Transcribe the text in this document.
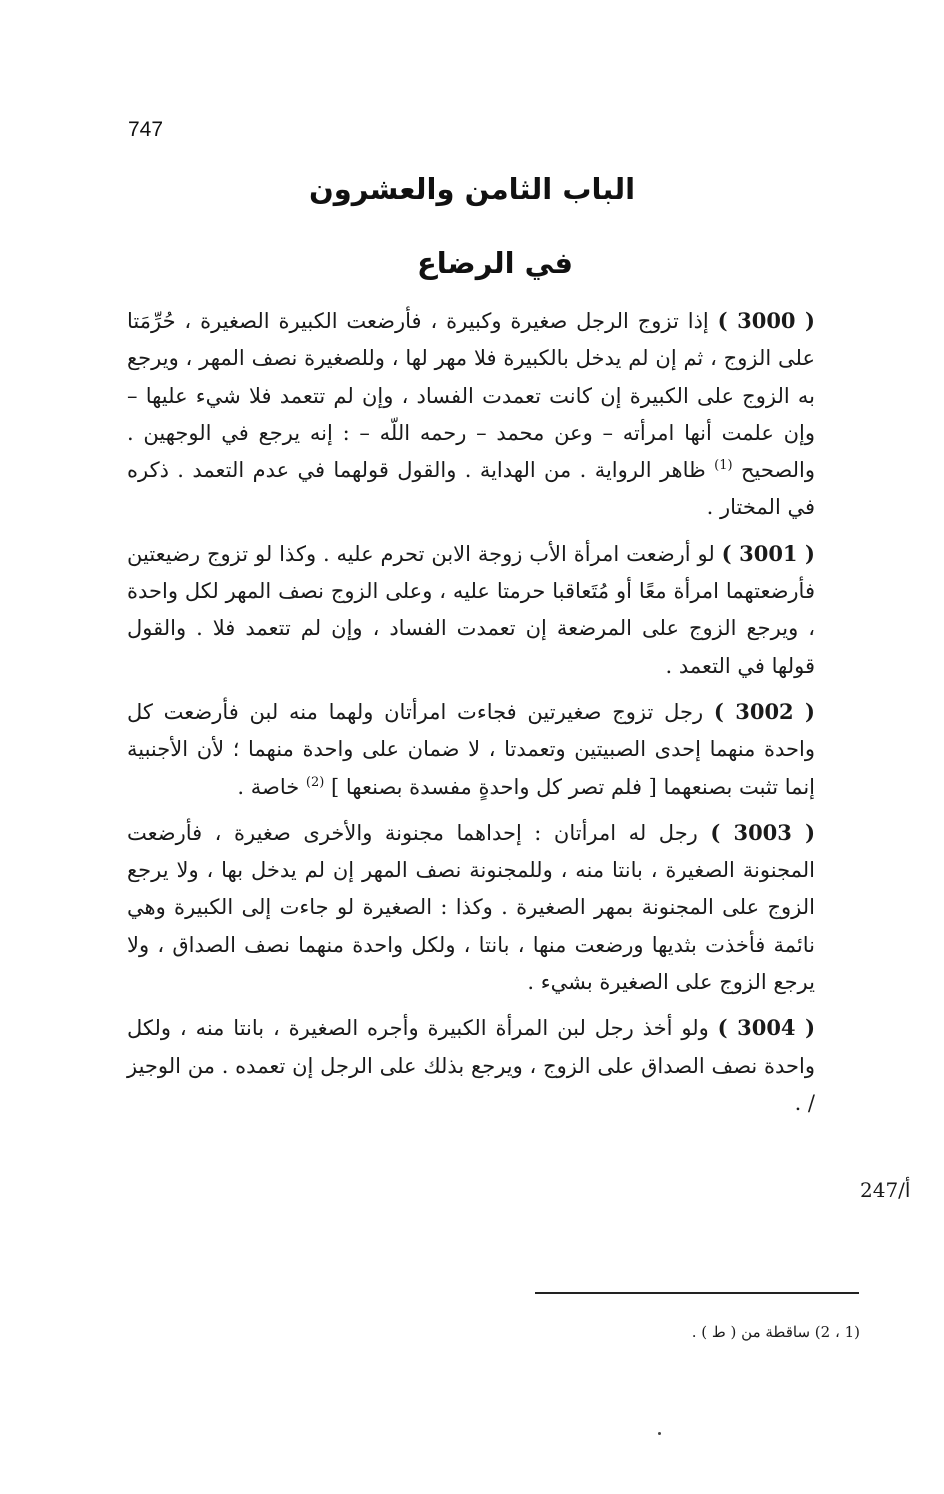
747
الباب الثامن والعشرون
في الرضاع

( 3000 ) إذا تزوج الرجل صغيرة وكبيرة ، فأرضعت الكبيرة الصغيرة ، حُرِّمَتا على الزوج ، ثم إن لم يدخل بالكبيرة فلا مهر لها ، وللصغيرة نصف المهر ، ويرجع به الزوج على الكبيرة إن كانت تعمدت الفساد ، وإن لم تتعمد فلا شيء عليها – وإن علمت أنها امرأته – وعن محمد – رحمه اللّه – : إنه يرجع في الوجهين . والصحيح $^{(1)}$ ظاهر الرواية . من الهداية . والقول قولهما في عدم التعمد . ذكره في المختار .

( 3001 ) لو أرضعت امرأة الأب زوجة الابن تحرم عليه . وكذا لو تزوج رضيعتين فأرضعتهما امرأة معًا أو مُتَعاقبا حرمتا عليه ، وعلى الزوج نصف المهر لكل واحدة ، ويرجع الزوج على المرضعة إن تعمدت الفساد ، وإن لم تتعمد فلا . والقول قولها في التعمد .

( 3002 ) رجل تزوج صغيرتين فجاءت امرأتان ولهما منه لبن فأرضعت كل واحدة منهما إحدى الصبيتين وتعمدتا ، لا ضمان على واحدة منهما ؛ لأن الأجنبية إنما تثبت بصنعهما [ فلم تصر كل واحدةٍ مفسدة بصنعها ] $^{(2)}$ خاصة .

( 3003 ) رجل له امرأتان : إحداهما مجنونة والأخرى صغيرة ، فأرضعت المجنونة الصغيرة ، بانتا منه ، وللمجنونة نصف المهر إن لم يدخل بها ، ولا يرجع الزوج على المجنونة بمهر الصغيرة . وكذا : الصغيرة لو جاءت إلى الكبيرة وهي نائمة فأخذت بثديها ورضعت منها ، بانتا ، ولكل واحدة منهما نصف الصداق ، ولا يرجع الزوج على الصغيرة بشيء .

( 3004 ) ولو أخذ رجل لبن المرأة الكبيرة وأجره الصغيرة ، بانتا منه ، ولكل واحدة نصف الصداق على الزوج ، ويرجع بذلك على الرجل إن تعمده . من الوجيز / .

247/أ
(1 ، 2) ساقطة من ( ط ) .
